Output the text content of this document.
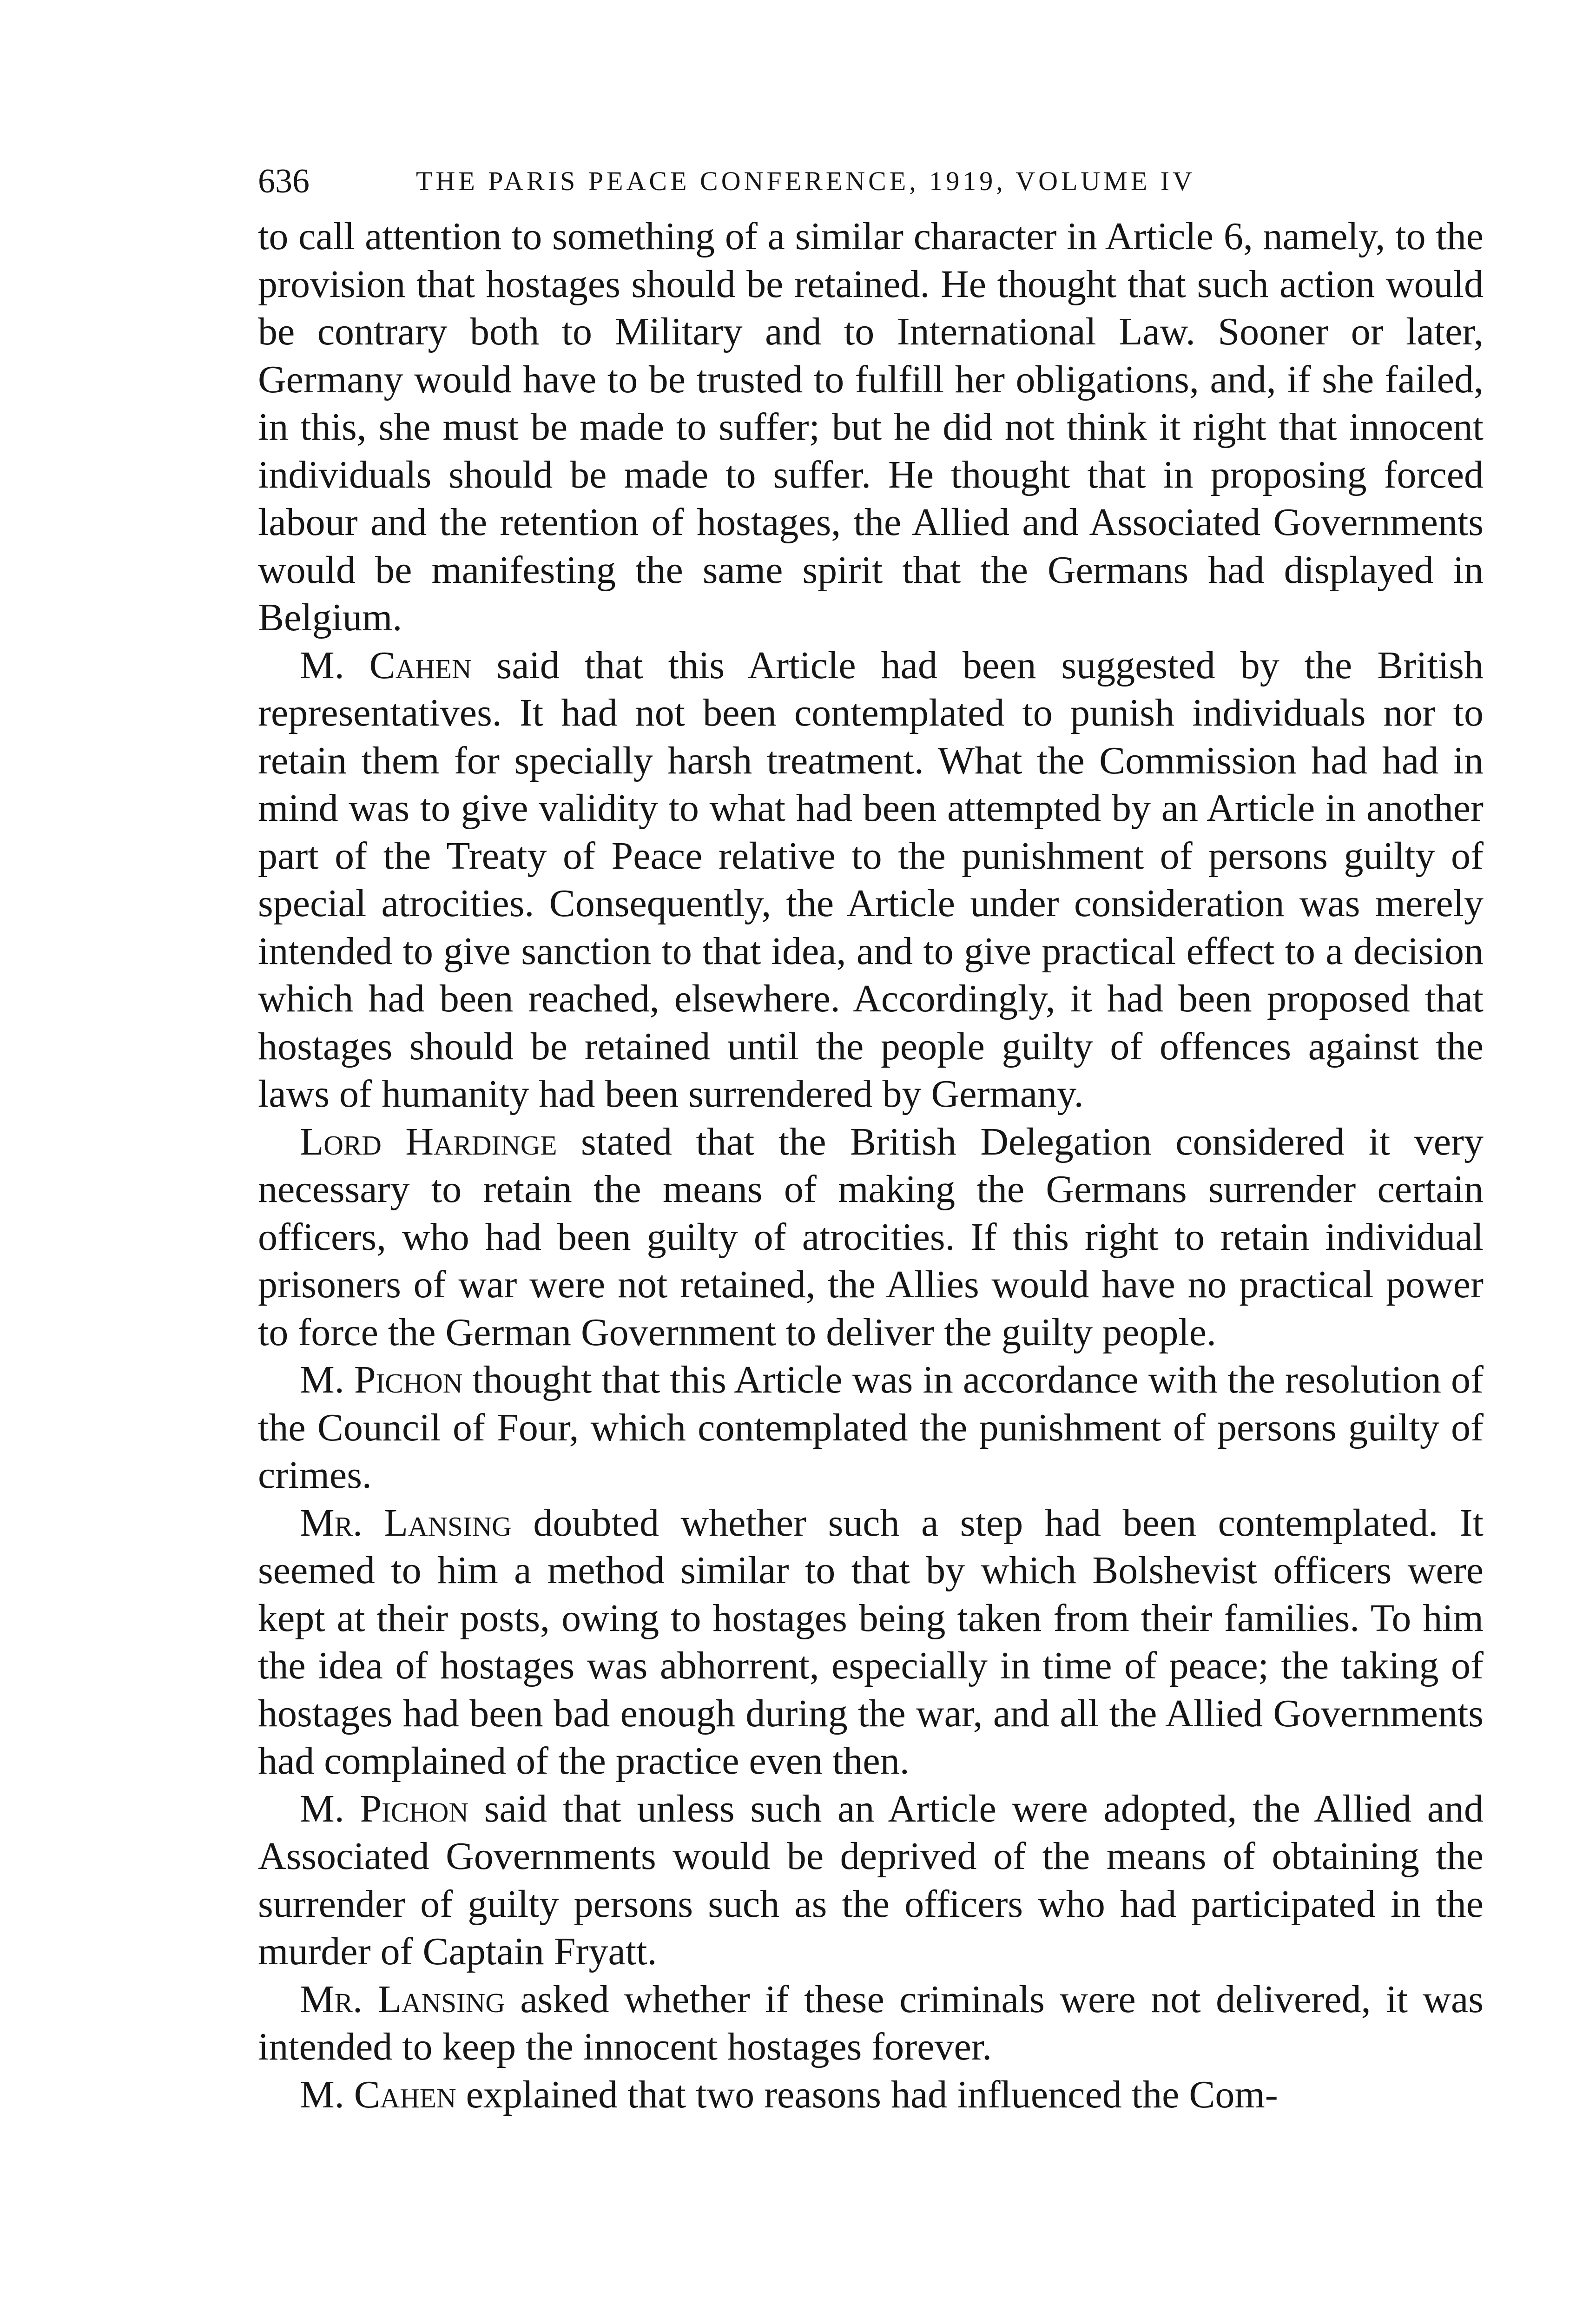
636	THE PARIS PEACE CONFERENCE, 1919, VOLUME IV

to call attention to something of a similar character in Article 6, namely, to the provision that hostages should be retained. He thought that such action would be contrary both to Military and to International Law. Sooner or later, Germany would have to be trusted to fulfill her obligations, and, if she failed, in this, she must be made to suffer; but he did not think it right that innocent individuals should be made to suffer. He thought that in proposing forced labour and the retention of hostages, the Allied and Associated Governments would be manifesting the same spirit that the Germans had displayed in Belgium.

M. Cahen said that this Article had been suggested by the British representatives. It had not been contemplated to punish individuals nor to retain them for specially harsh treatment. What the Commission had had in mind was to give validity to what had been attempted by an Article in another part of the Treaty of Peace relative to the punishment of persons guilty of special atrocities. Consequently, the Article under consideration was merely intended to give sanction to that idea, and to give practical effect to a decision which had been reached, elsewhere. Accordingly, it had been proposed that hostages should be retained until the people guilty of offences against the laws of humanity had been surrendered by Germany.

Lord Hardinge stated that the British Delegation considered it very necessary to retain the means of making the Germans surrender certain officers, who had been guilty of atrocities. If this right to retain individual prisoners of war were not retained, the Allies would have no practical power to force the German Government to deliver the guilty people.

M. Pichon thought that this Article was in accordance with the resolution of the Council of Four, which contemplated the punishment of persons guilty of crimes.

Mr. Lansing doubted whether such a step had been contemplated. It seemed to him a method similar to that by which Bolshevist officers were kept at their posts, owing to hostages being taken from their families. To him the idea of hostages was abhorrent, especially in time of peace; the taking of hostages had been bad enough during the war, and all the Allied Governments had complained of the practice even then.

M. Pichon said that unless such an Article were adopted, the Allied and Associated Governments would be deprived of the means of obtaining the surrender of guilty persons such as the officers who had participated in the murder of Captain Fryatt.

Mr. Lansing asked whether if these criminals were not delivered, it was intended to keep the innocent hostages forever.

M. Cahen explained that two reasons had influenced the Com-
